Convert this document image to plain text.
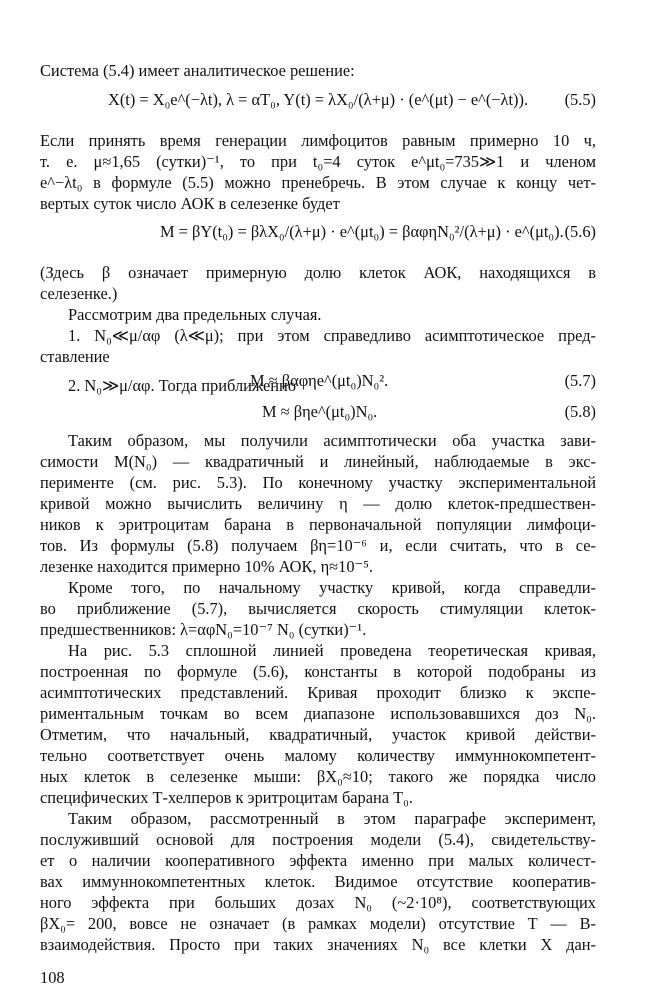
Система (5.4) имеет аналитическое решение:
X(t) = X₀e^(−λt), λ = αT₀, Y(t) = λX₀/(λ+μ) · (e^(μt) − e^(−λt)). (5.5)
Если принять время генерации лимфоцитов равным примерно 10 ч,
т. е. μ≈1,65 (сутки)⁻¹, то при t₀=4 суток e^μt₀=735≫1 и членом
e^−λt₀ в формуле (5.5) можно пренебречь. В этом случае к концу чет-
вертых суток число АОК в селезенке будет
M = βY(t₀) = βλX₀/(λ+μ) · e^(μt₀) = βαφηN₀²/(λ+μ) · e^(μt₀). (5.6)
(Здесь β означает примерную долю клеток АОК, находящихся в
селезенке.)
Рассмотрим два предельных случая.
1. N₀≪μ/αφ (λ≪μ); при этом справедливо асимптотическое пред-
ставление
M ≈ βαφηe^(μt₀)N₀².	(5.7)
2. N₀≫μ/αφ. Тогда приближенно
M ≈ βηe^(μt₀)N₀.	(5.8)
Таким образом, мы получили асимптотически оба участка зави-
симости M(N₀) — квадратичный и линейный, наблюдаемые в экс-
перименте (см. рис. 5.3). По конечному участку экспериментальной
кривой можно вычислить величину η — долю клеток-предшествен-
ников к эритроцитам барана в первоначальной популяции лимфоци-
тов. Из формулы (5.8) получаем βη=10⁻⁶ и, если считать, что в се-
лезенке находится примерно 10% АОК, η≈10⁻⁵.
Кроме того, по начальному участку кривой, когда справедли-
во приближение (5.7), вычисляется скорость стимуляции клеток-
предшественников: λ=αφN₀=10⁻⁷ N₀ (сутки)⁻¹.
На рис. 5.3 сплошной линией проведена теоретическая кривая,
построенная по формуле (5.6), константы в которой подобраны из
асимптотических представлений. Кривая проходит близко к экспе-
риментальным точкам во всем диапазоне использовавшихся доз N₀.
Отметим, что начальный, квадратичный, участок кривой действи-
тельно соответствует очень малому количеству иммуннокомпетент-
ных клеток в селезенке мыши: βX₀≈10; такого же порядка число
специфических Т-хелперов к эритроцитам барана T₀.
Таким образом, рассмотренный в этом параграфе эксперимент,
послуживший основой для построения модели (5.4), свидетельству-
ет о наличии кооперативного эффекта именно при малых количест-
вах иммуннокомпетентных клеток. Видимое отсутствие кооператив-
ного эффекта при больших дозах N₀ (~2·10⁸), соответствующих
βX₀= 200, вовсе не означает (в рамках модели) отсутствие Т — В-
взаимодействия. Просто при таких значениях N₀ все клетки X дан-
108
